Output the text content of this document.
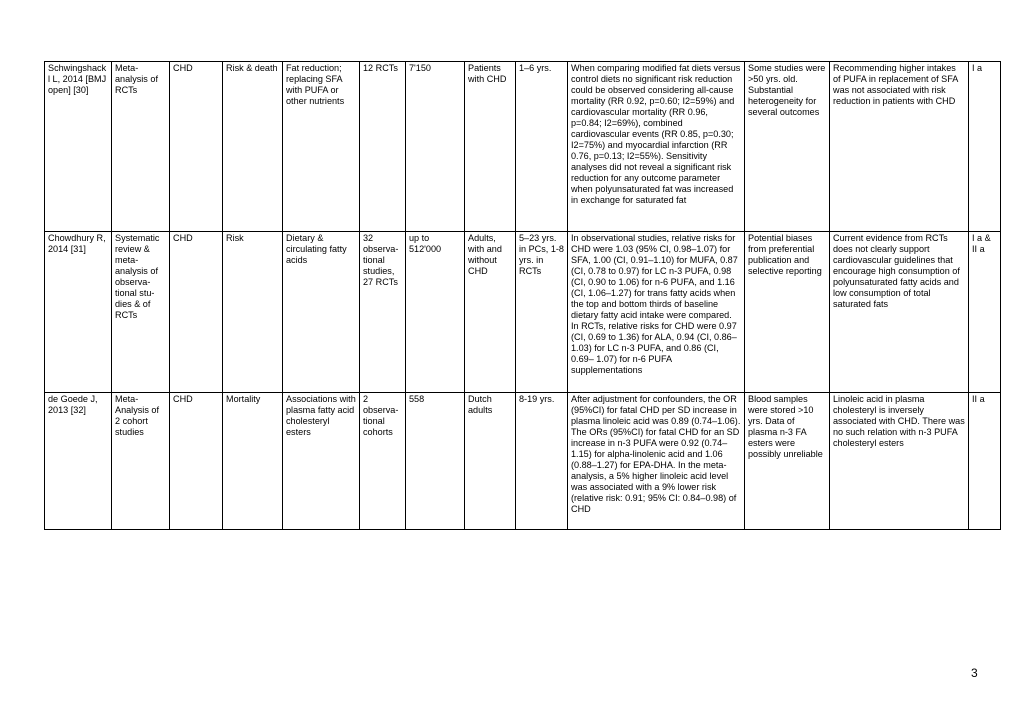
Schwingshackl L, 2014 [BMJ open] [30]	Meta-analysis of RCTs	CHD	Risk & death	Fat reduction; replacing SFA with PUFA or other nutrients	12 RCTs	7'150	Patients with CHD	1–6 yrs.	When comparing modified fat diets versus control diets no significant risk reduction could be observed considering all-cause mortality (RR 0.92, p=0.60; I2=59%) and cardiovascular mortality (RR 0.96, p=0.84; I2=69%), combined cardiovascular events (RR 0.85, p=0.30; I2=75%) and myocardial infarction (RR 0.76, p=0.13; I2=55%). Sensitivity analyses did not reveal a significant risk reduction for any outcome parameter when polyunsaturated fat was increased in exchange for saturated fat	Some studies were >50 yrs. old. Substantial heterogeneity for several outcomes	Recommending higher intakes of PUFA in replacement of SFA was not associated with risk reduction in patients with CHD	I a
Chowdhury R, 2014 [31]	Systematic review & meta-analysis of observa-tional stu-dies & of RCTs	CHD	Risk	Dietary & circulating fatty acids	32 observa-tional studies, 27 RCTs	up to 512'000	Adults, with and without CHD	5–23 yrs. in PCs, 1-8 yrs. in RCTs	In observational studies, relative risks for CHD were 1.03 (95% CI, 0.98–1.07) for SFA, 1.00 (CI, 0.91–1.10) for MUFA, 0.87 (CI, 0.78 to 0.97) for LC n-3 PUFA, 0.98 (CI, 0.90 to 1.06) for n-6 PUFA, and 1.16 (CI, 1.06–1.27) for trans fatty acids when the top and bottom thirds of baseline dietary fatty acid intake were compared. In RCTs, relative risks for CHD were 0.97 (CI, 0.69 to 1.36) for ALA, 0.94 (CI, 0.86–1.03) for LC n-3 PUFA, and 0.86 (CI, 0.69– 1.07) for n-6 PUFA supplementations	Potential biases from preferential publication and selective reporting	Current evidence from RCTs does not clearly support cardiovascular guidelines that encourage high consumption of polyunsaturated fatty acids and low consumption of total saturated fats	I a & II a
de Goede J, 2013 [32]	Meta-Analysis of 2 cohort studies	CHD	Mortality	Associations with plasma fatty acid cholesteryl esters	2 observa-tional cohorts	558	Dutch adults	8-19 yrs.	After adjustment for confounders, the OR (95%CI) for fatal CHD per SD increase in plasma linoleic acid was 0.89 (0.74–1.06). The ORs (95%CI) for fatal CHD for an SD increase in n-3 PUFA were 0.92 (0.74–1.15) for alpha-linolenic acid and 1.06 (0.88–1.27) for EPA-DHA. In the meta-analysis, a 5% higher linoleic acid level was associated with a 9% lower risk (relative risk: 0.91; 95% CI: 0.84–0.98) of CHD	Blood samples were stored >10 yrs. Data of plasma n-3 FA esters were possibly unreliable	Linoleic acid in plasma cholesteryl is inversely associated with CHD. There was no such relation with n-3 PUFA cholesteryl esters	II a
3
